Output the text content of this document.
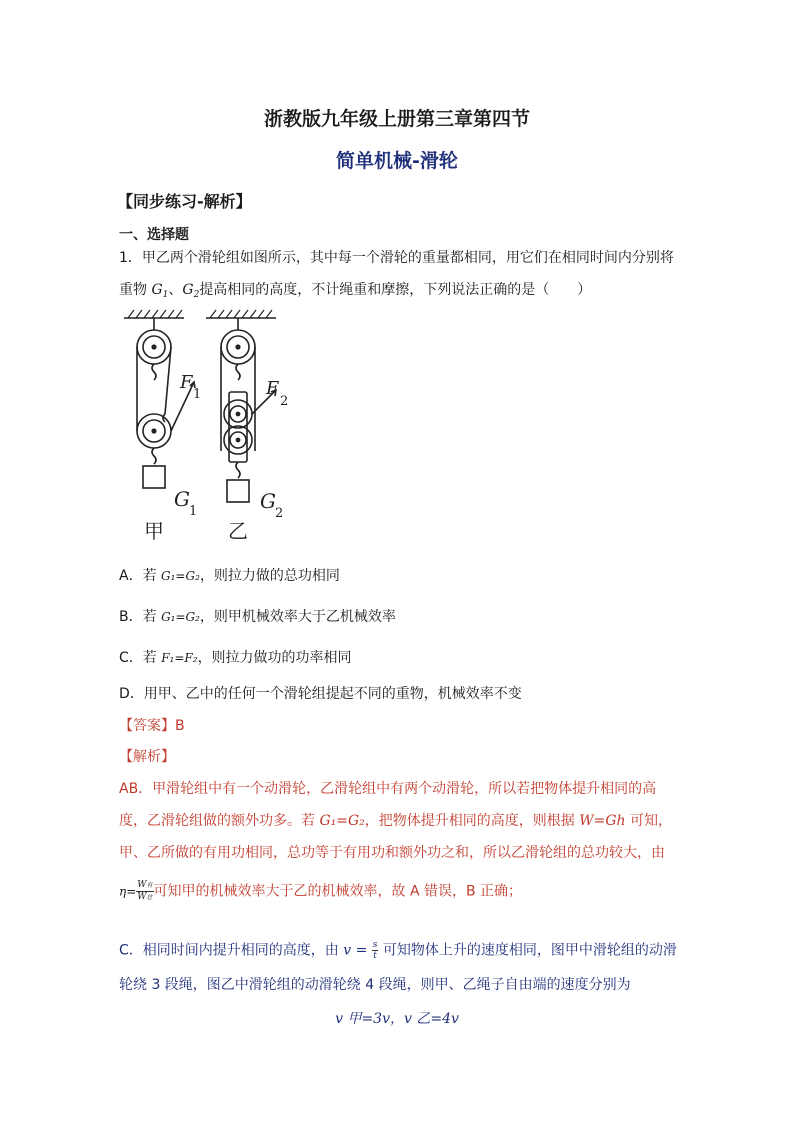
浙教版九年级上册第三章第四节
简单机械-滑轮
【同步练习-解析】
一、选择题
1．甲乙两个滑轮组如图所示，其中每一个滑轮的重量都相同，用它们在相同时间内分别将
重物 $G_1$、$G_2$提高相同的高度，不计绳重和摩擦，下列说法正确的是（　　）
F
1	F
2
G
1	G
2
甲	乙
A．若 G₁=G₂，则拉力做的总功相同
B．若 G₁=G₂，则甲机械效率大于乙机械效率
C．若 F₁=F₂，则拉力做功的功率相同
D．用甲、乙中的任何一个滑轮组提起不同的重物，机械效率不变
【答案】B
【解析】
AB．甲滑轮组中有一个动滑轮，乙滑轮组中有两个动滑轮，所以若把物体提升相同的高
度，乙滑轮组做的额外功多。若 G₁=G₂，把物体提升相同的高度，则根据 W=Gh 可知，
甲、乙所做的有用功相同，总功等于有用功和额外功之和，所以乙滑轮组的总功较大，由
$\eta= \frac{\text{W有}}{\text{W总}}$ 可知甲的机械效率大于乙的机械效率，故 A 错误，B 正确；
C．相同时间内提升相同的高度，由 $v = \frac{s}{t}$ 可知物体上升的速度相同，图甲中滑轮组的动滑
轮绕 3 段绳，图乙中滑轮组的动滑轮绕 4 段绳，则甲、乙绳子自由端的速度分别为
v 甲=3v，v 乙=4v
